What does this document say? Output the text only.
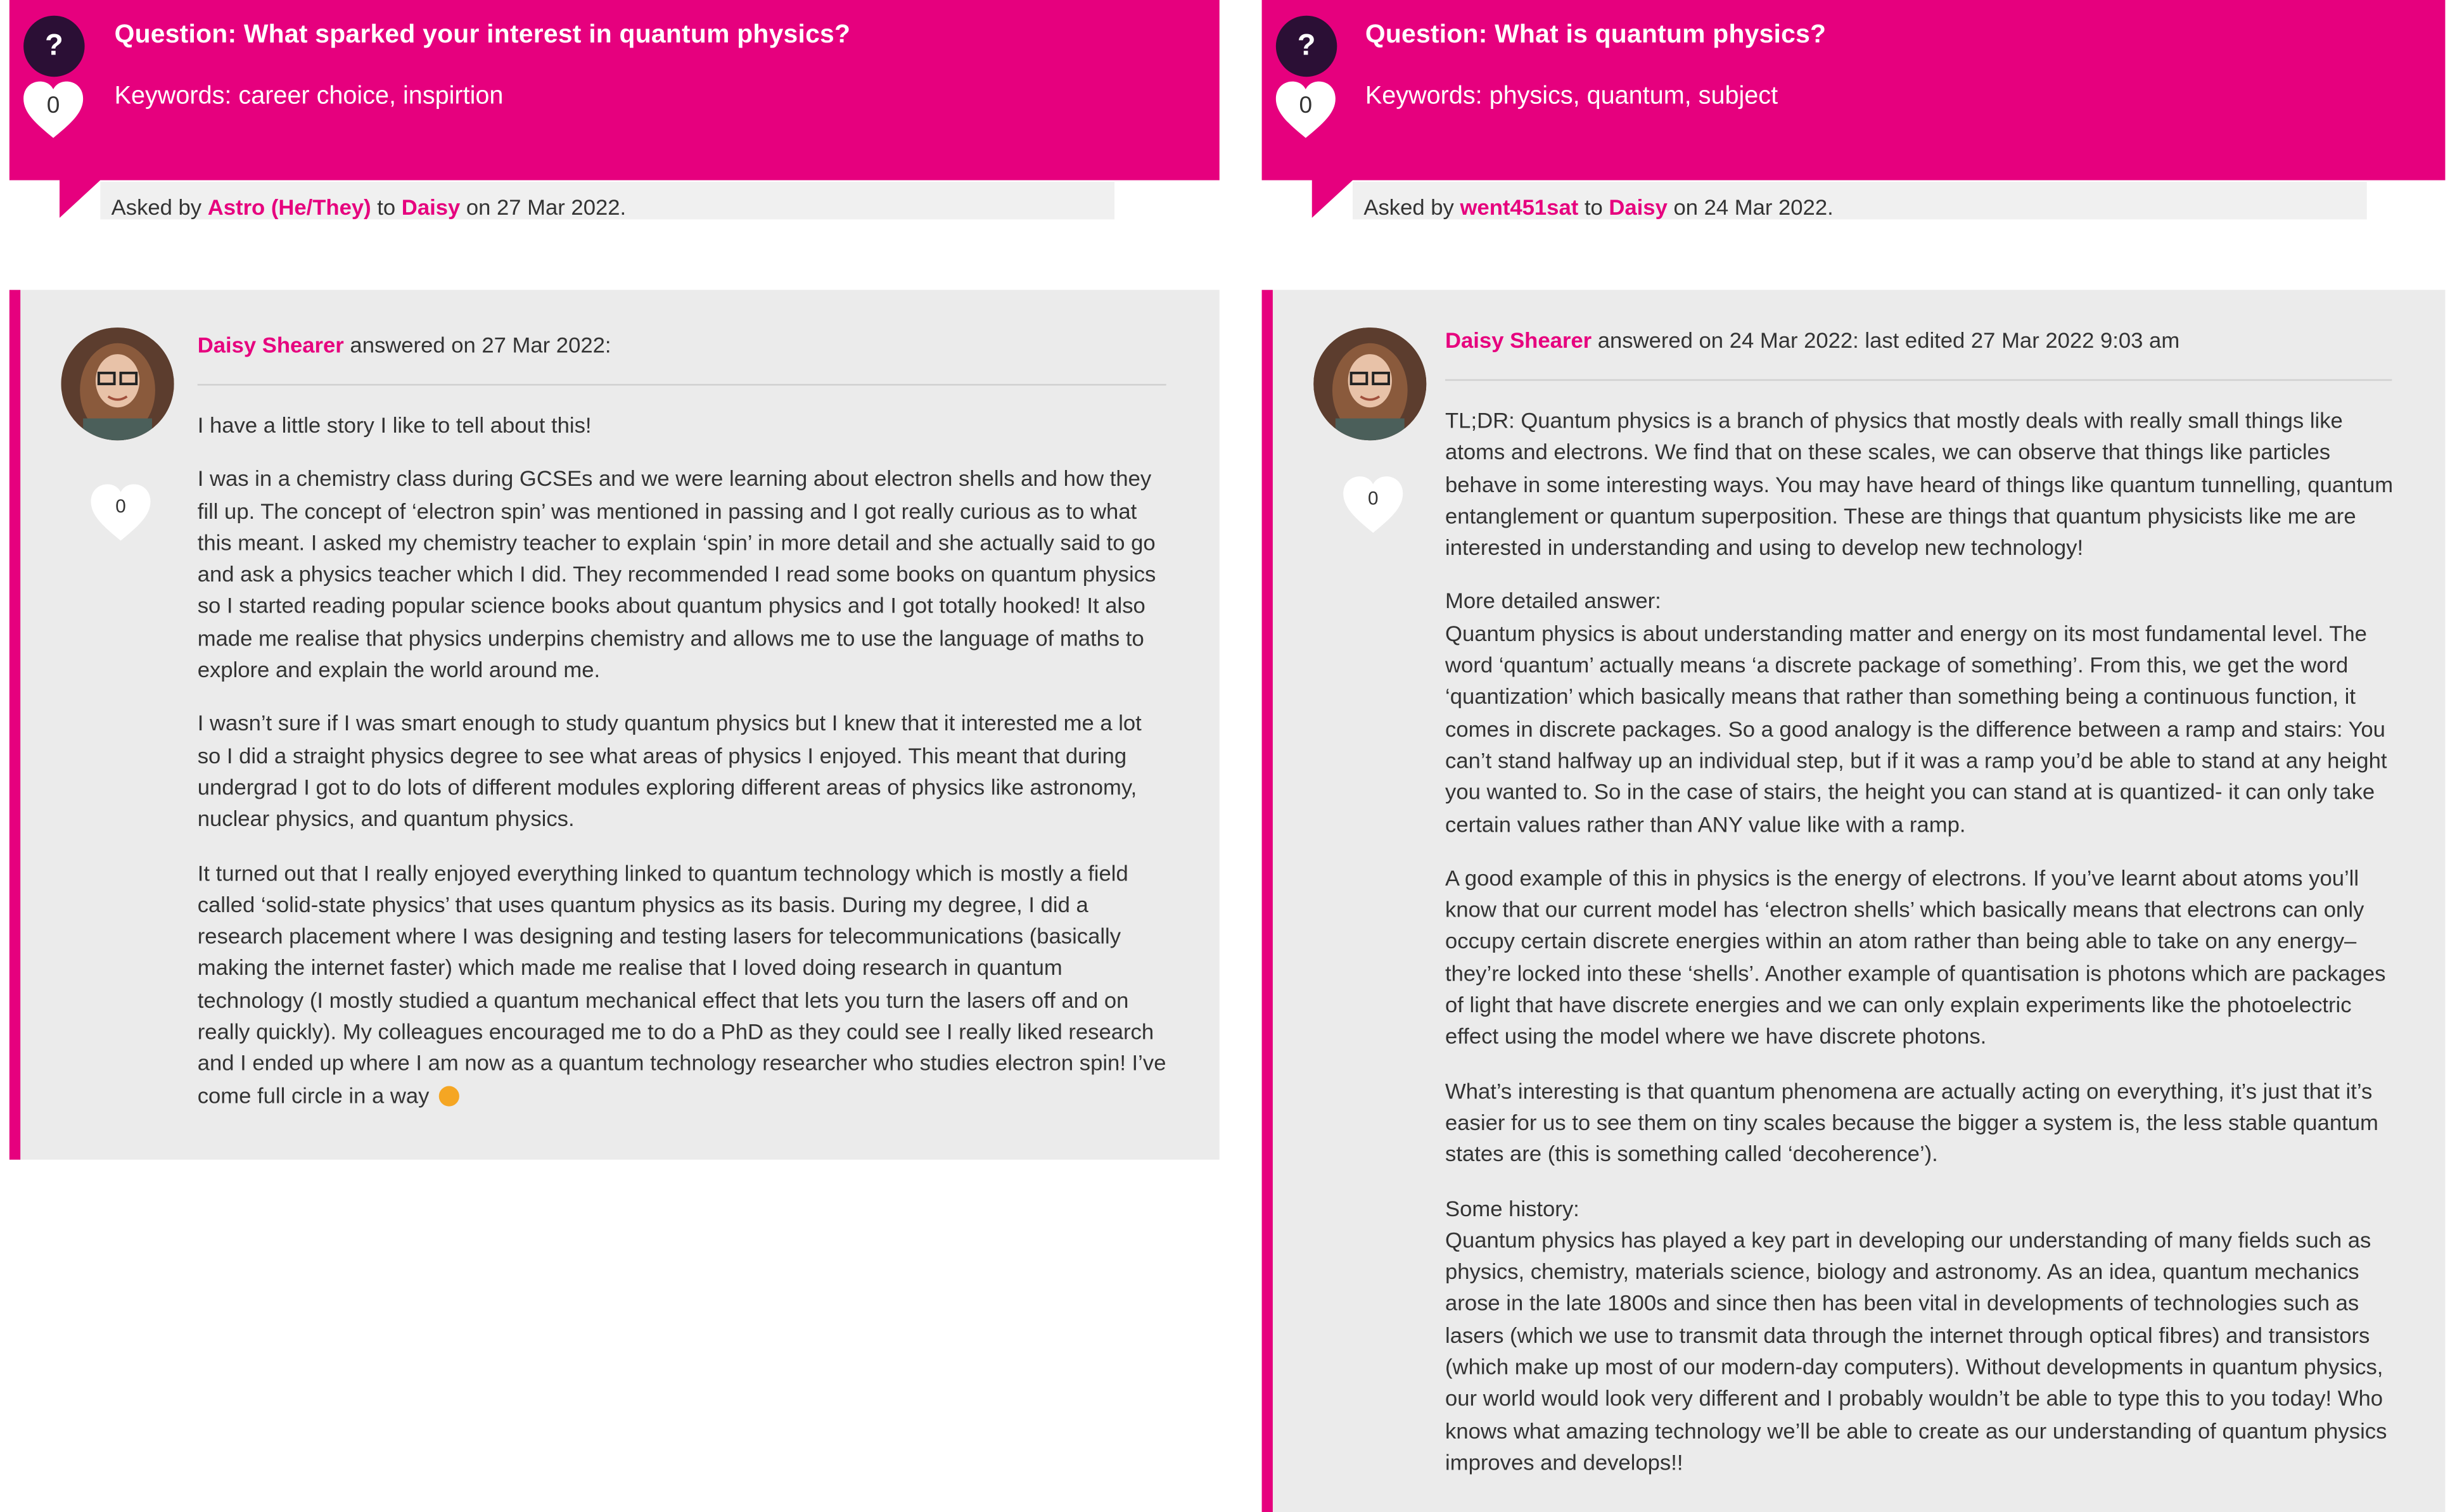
?
0
Question: What sparked your interest in quantum physics?
Keywords: career choice, inspirtion
Asked by Astro (He/They) to Daisy on 27 Mar 2022.
0
Daisy Shearer answered on 27 Mar 2022:

I have a little story I like to tell about this!

I was in a chemistry class during GCSEs and we were learning about electron shells and how they fill up. The concept of ‘electron spin’ was mentioned in passing and I got really curious as to what this meant. I asked my chemistry teacher to explain ‘spin’ in more detail and she actually said to go and ask a physics teacher which I did. They recommended I read some books on quantum physics so I started reading popular science books about quantum physics and I got totally hooked! It also made me realise that physics underpins chemistry and allows me to use the language of maths to explore and explain the world around me.

I wasn’t sure if I was smart enough to study quantum physics but I knew that it interested me a lot so I did a straight physics degree to see what areas of physics I enjoyed. This meant that during undergrad I got to do lots of different modules exploring different areas of physics like astronomy, nuclear physics, and quantum physics.

It turned out that I really enjoyed everything linked to quantum technology which is mostly a field called ‘solid-state physics’ that uses quantum physics as its basis. During my degree, I did a research placement where I was designing and testing lasers for telecommunications (basically making the internet faster) which made me realise that I loved doing research in quantum technology (I mostly studied a quantum mechanical effect that lets you turn the lasers off and on really quickly). My colleagues encouraged me to do a PhD as they could see I really liked research and I ended up where I am now as a quantum technology researcher who studies electron spin! I’ve come full circle in a way

?
0
Question: What is quantum physics?
Keywords: physics, quantum, subject
Asked by went451sat to Daisy on 24 Mar 2022.
0
Daisy Shearer answered on 24 Mar 2022: last edited 27 Mar 2022 9:03 am

TL;DR: Quantum physics is a branch of physics that mostly deals with really small things like atoms and electrons. We find that on these scales, we can observe that things like particles behave in some interesting ways. You may have heard of things like quantum tunnelling, quantum entanglement or quantum superposition. These are things that quantum physicists like me are interested in understanding and using to develop new technology!

More detailed answer:
Quantum physics is about understanding matter and energy on its most fundamental level. The word ‘quantum’ actually means ‘a discrete package of something’. From this, we get the word ‘quantization’ which basically means that rather than something being a continuous function, it comes in discrete packages. So a good analogy is the difference between a ramp and stairs: You can’t stand halfway up an individual step, but if it was a ramp you’d be able to stand at any height you wanted to. So in the case of stairs, the height you can stand at is quantized- it can only take certain values rather than ANY value like with a ramp.

A good example of this in physics is the energy of electrons. If you’ve learnt about atoms you’ll know that our current model has ‘electron shells’ which basically means that electrons can only occupy certain discrete energies within an atom rather than being able to take on any energy– they’re locked into these ‘shells’. Another example of quantisation is photons which are packages of light that have discrete energies and we can only explain experiments like the photoelectric effect using the model where we have discrete photons.

What’s interesting is that quantum phenomena are actually acting on everything, it’s just that it’s easier for us to see them on tiny scales because the bigger a system is, the less stable quantum states are (this is something called ‘decoherence’).

Some history:
Quantum physics has played a key part in developing our understanding of many fields such as physics, chemistry, materials science, biology and astronomy. As an idea, quantum mechanics arose in the late 1800s and since then has been vital in developments of technologies such as lasers (which we use to transmit data through the internet through optical fibres) and transistors (which make up most of our modern-day computers). Without developments in quantum physics, our world would look very different and I probably wouldn’t be able to type this to you today! Who knows what amazing technology we’ll be able to create as our understanding of quantum physics improves and develops!!
